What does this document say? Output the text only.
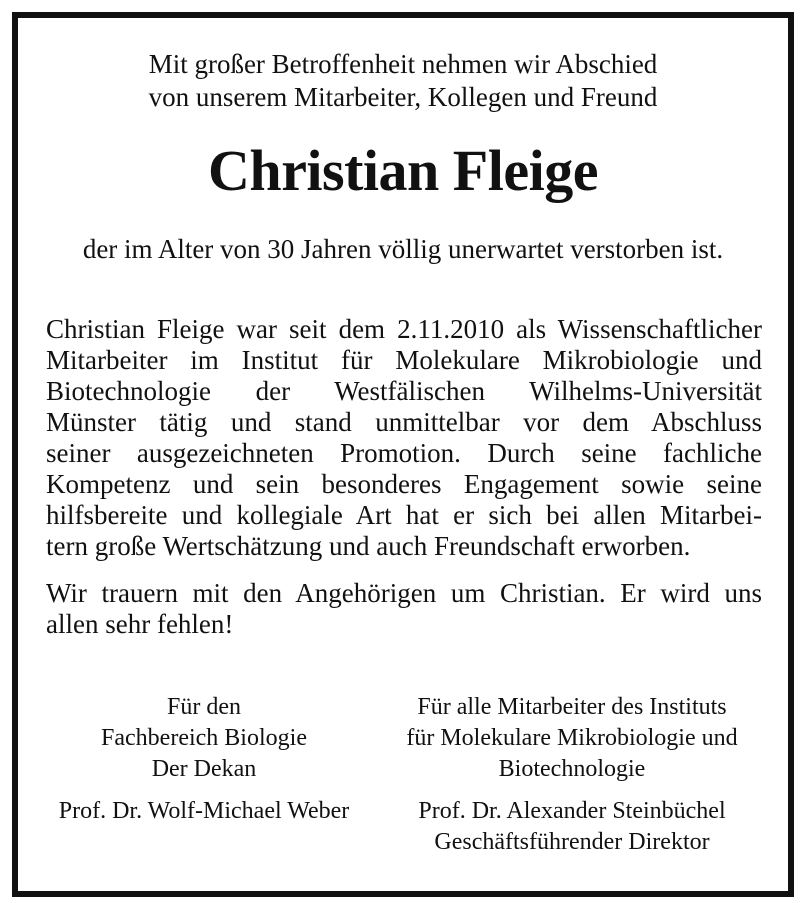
Mit großer Betroffenheit nehmen wir Abschied
von unserem Mitarbeiter, Kollegen und Freund
Christian Fleige
der im Alter von 30 Jahren völlig unerwartet verstorben ist.
Christian Fleige war seit dem 2.11.2010 als Wissenschaftlicher
Mitarbeiter im Institut für Molekulare Mikrobiologie und
Biotechnologie der Westfälischen Wilhelms-Universität
Münster tätig und stand unmittelbar vor dem Abschluss
seiner ausgezeichneten Promotion. Durch seine fachliche
Kompetenz und sein besonderes Engagement sowie seine
hilfsbereite und kollegiale Art hat er sich bei allen Mitarbei-
tern große Wertschätzung und auch Freundschaft erworben.
Wir trauern mit den Angehörigen um Christian. Er wird uns
allen sehr fehlen!
Für den
Fachbereich Biologie
Der Dekan
Für alle Mitarbeiter des Instituts
für Molekulare Mikrobiologie und
Biotechnologie
Prof. Dr. Wolf-Michael Weber	Prof. Dr. Alexander Steinbüchel
Geschäftsführender Direktor
